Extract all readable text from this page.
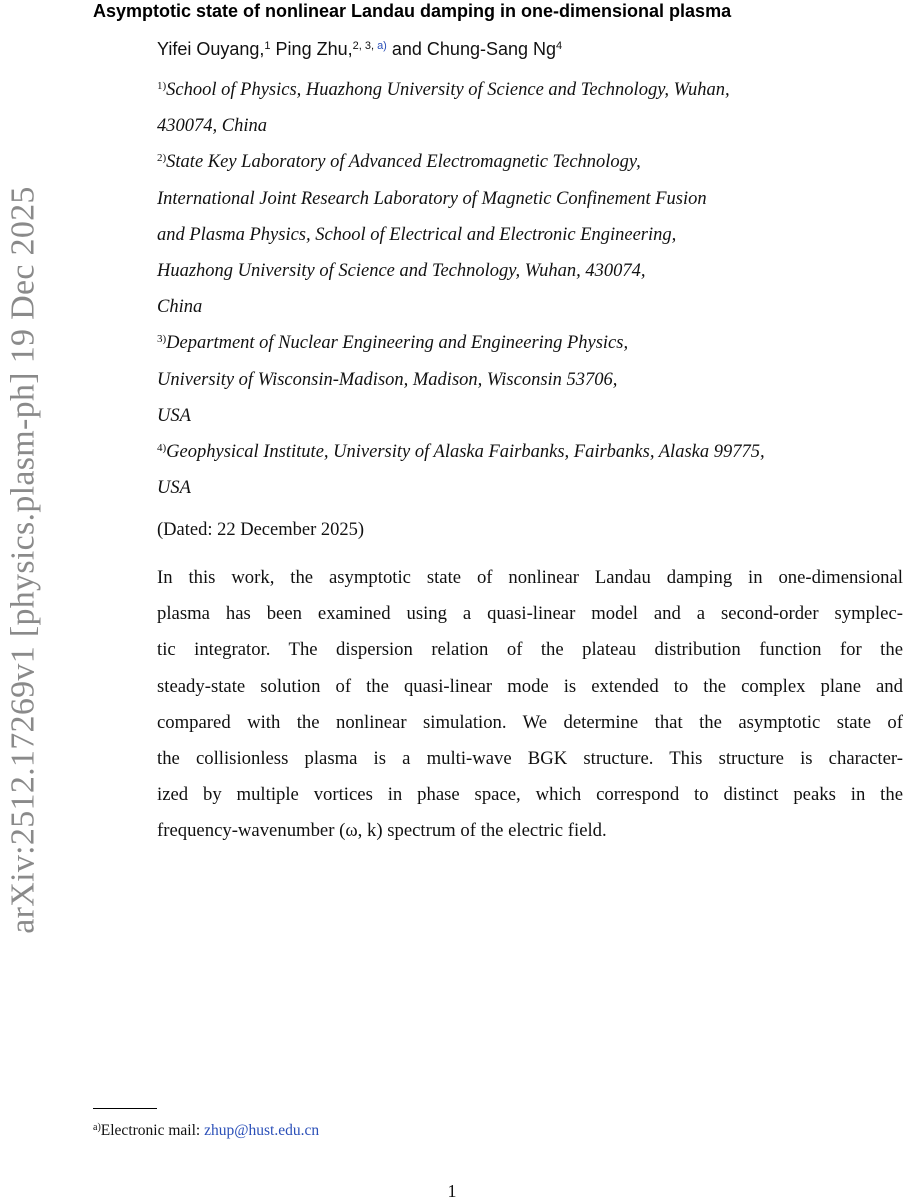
arXiv:2512.17269v1 [physics.plasm-ph] 19 Dec 2025
Asymptotic state of nonlinear Landau damping in one-dimensional plasma
Yifei Ouyang,$^1$ Ping Zhu,$^{2, 3, a)}$ and Chung-Sang Ng$^4$
$^{1)}$School of Physics, Huazhong University of Science and Technology, Wuhan,
430074, China
$^{2)}$State Key Laboratory of Advanced Electromagnetic Technology,
International Joint Research Laboratory of Magnetic Confinement Fusion
and Plasma Physics, School of Electrical and Electronic Engineering,
Huazhong University of Science and Technology, Wuhan, 430074,
China
$^{3)}$Department of Nuclear Engineering and Engineering Physics,
University of Wisconsin-Madison, Madison, Wisconsin 53706,
USA
$^{4)}$Geophysical Institute, University of Alaska Fairbanks, Fairbanks, Alaska 99775,
USA
(Dated: 22 December 2025)
In this work, the asymptotic state of nonlinear Landau damping in one-dimensional
plasma has been examined using a quasi-linear model and a second-order symplec-
tic integrator. The dispersion relation of the plateau distribution function for the
steady-state solution of the quasi-linear mode is extended to the complex plane and
compared with the nonlinear simulation. We determine that the asymptotic state of
the collisionless plasma is a multi-wave BGK structure. This structure is character-
ized by multiple vortices in phase space, which correspond to distinct peaks in the
frequency-wavenumber (ω, k) spectrum of the electric field.
$^{a)}$Electronic mail: zhup@hust.edu.cn
1
